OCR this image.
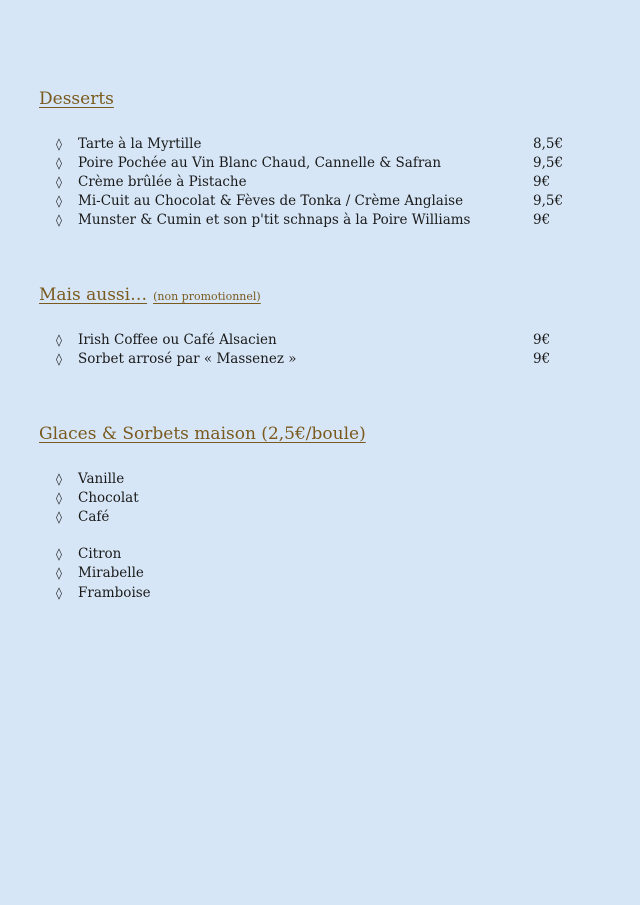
Desserts
◊	Tarte à la Myrtille	8,5€
◊	Poire Pochée au Vin Blanc Chaud, Cannelle & Safran	9,5€
◊	Crème brûlée à Pistache	9€
◊	Mi-Cuit au Chocolat & Fèves de Tonka / Crème Anglaise	9,5€
◊	Munster & Cumin et son p'tit schnaps à la Poire Williams	9€
Mais aussi… (non promotionnel)
◊	Irish Coffee ou Café Alsacien	9€
◊	Sorbet arrosé par « Massenez »	9€
Glaces & Sorbets maison (2,5€/boule)
◊	Vanille
◊	Chocolat
◊	Café
◊	Citron
◊	Mirabelle
◊	Framboise
